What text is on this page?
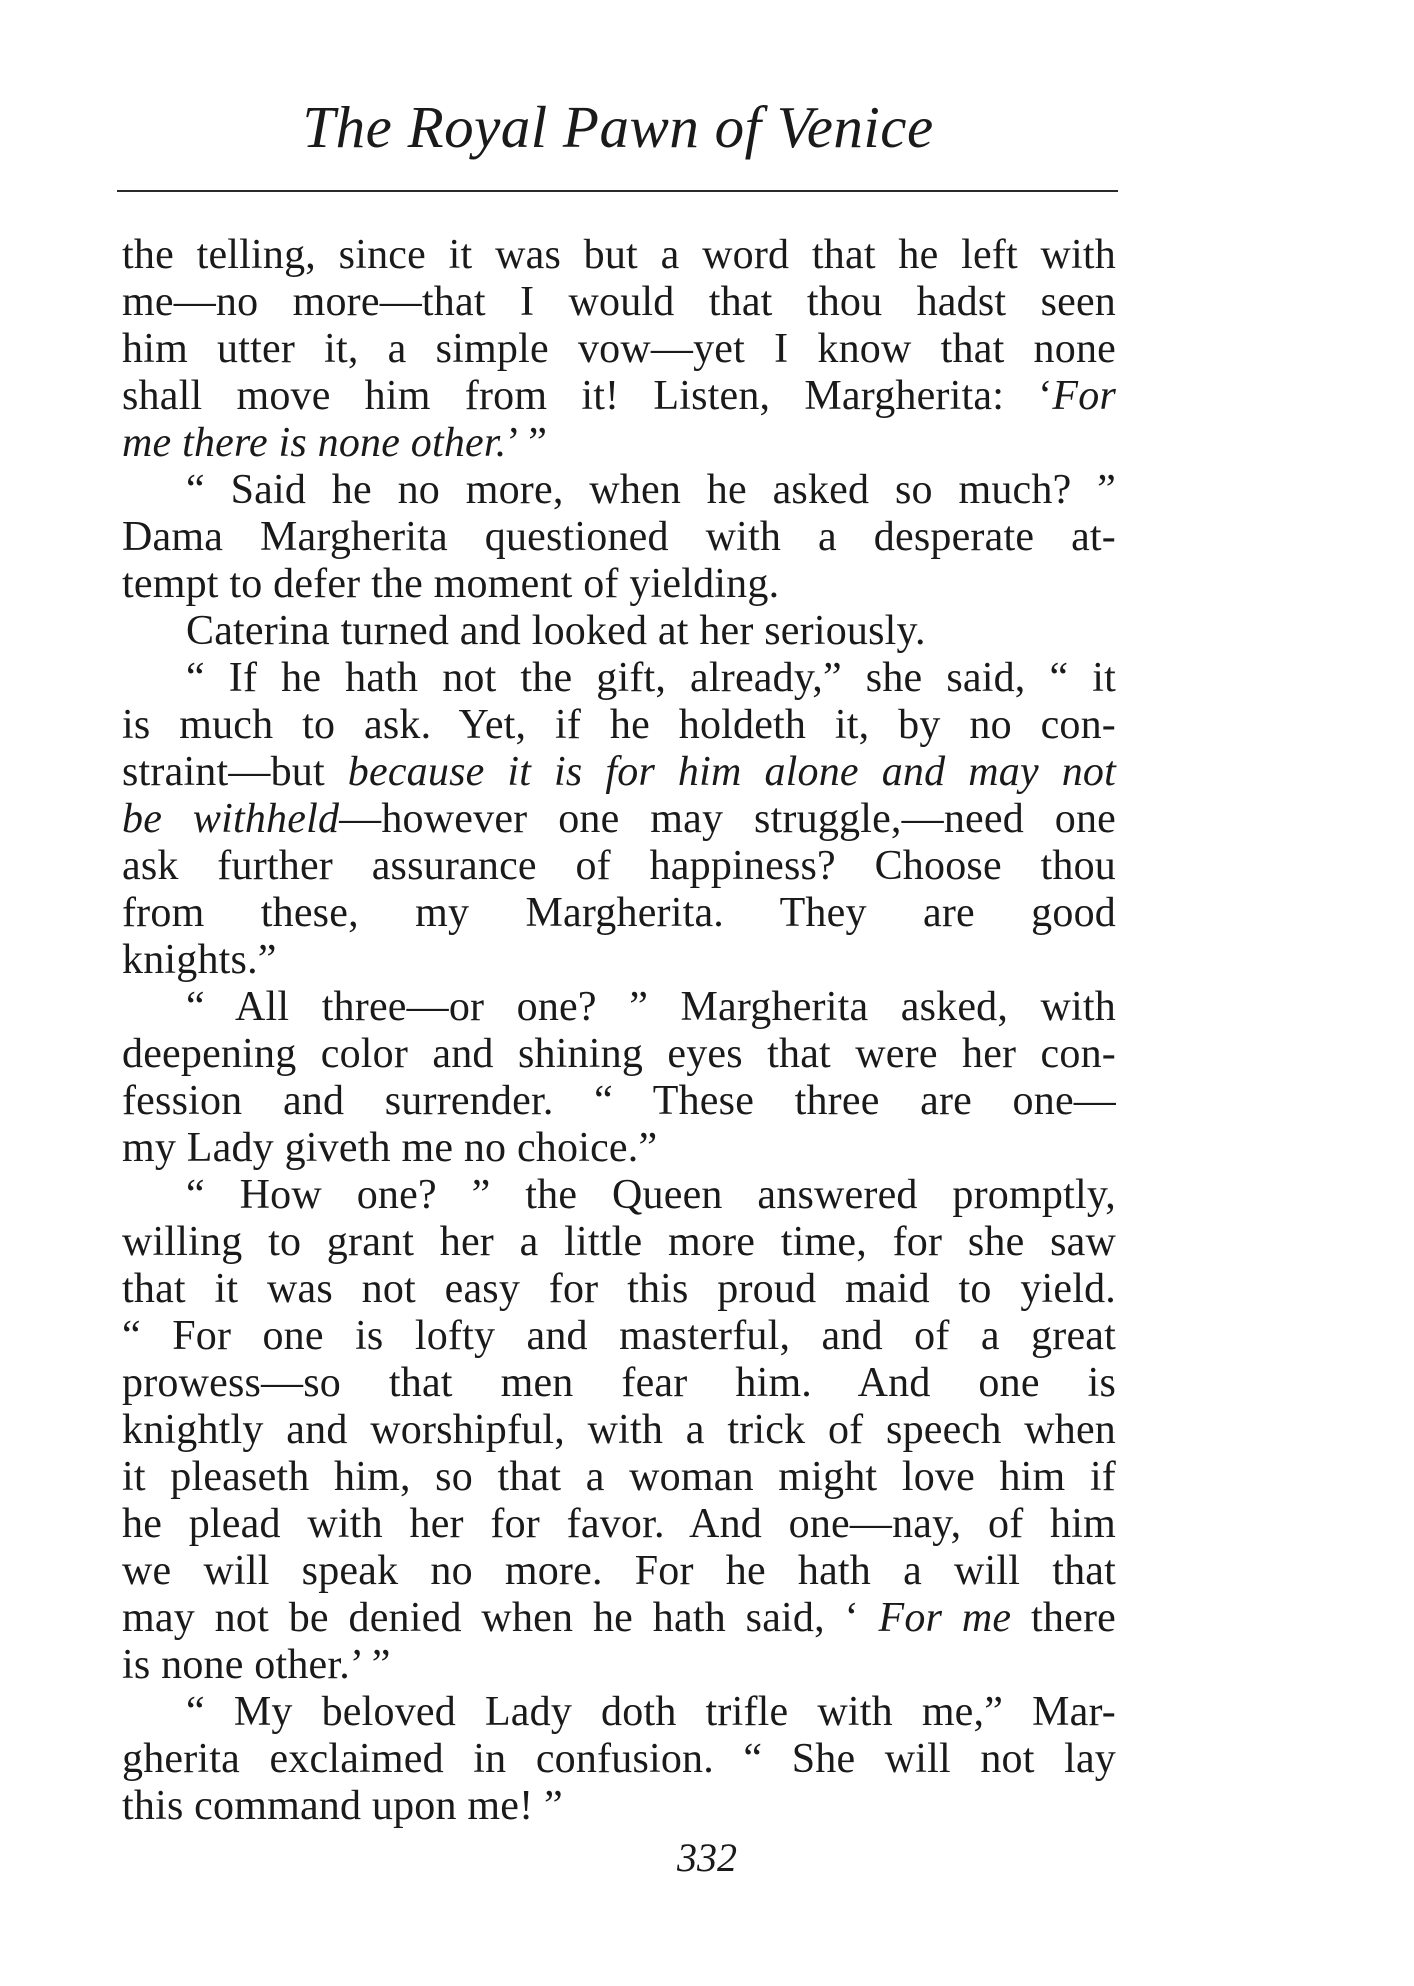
The Royal Pawn of Venice
the telling, since it was but a word that he left with
me—no more—that I would that thou hadst seen
him utter it, a simple vow—yet I know that none
shall move him from it! Listen, Margherita: ‘For
me there is none other.’ ”
“ Said he no more, when he asked so much? ”
Dama Margherita questioned with a desperate at-
tempt to defer the moment of yielding.
Caterina turned and looked at her seriously.
“ If he hath not the gift, already,” she said, “ it
is much to ask. Yet, if he holdeth it, by no con-
straint—but because it is for him alone and may not
be withheld—however one may struggle,—need one
ask further assurance of happiness? Choose thou
from these, my Margherita. They are good
knights.”
“ All three—or one? ” Margherita asked, with
deepening color and shining eyes that were her con-
fession and surrender. “ These three are one—
my Lady giveth me no choice.”
“ How one? ” the Queen answered promptly,
willing to grant her a little more time, for she saw
that it was not easy for this proud maid to yield.
“ For one is lofty and masterful, and of a great
prowess—so that men fear him. And one is
knightly and worshipful, with a trick of speech when
it pleaseth him, so that a woman might love him if
he plead with her for favor. And one—nay, of him
we will speak no more. For he hath a will that
may not be denied when he hath said, ‘ For me there
is none other.’ ”
“ My beloved Lady doth trifle with me,” Mar-
gherita exclaimed in confusion. “ She will not lay
this command upon me! ”
332
